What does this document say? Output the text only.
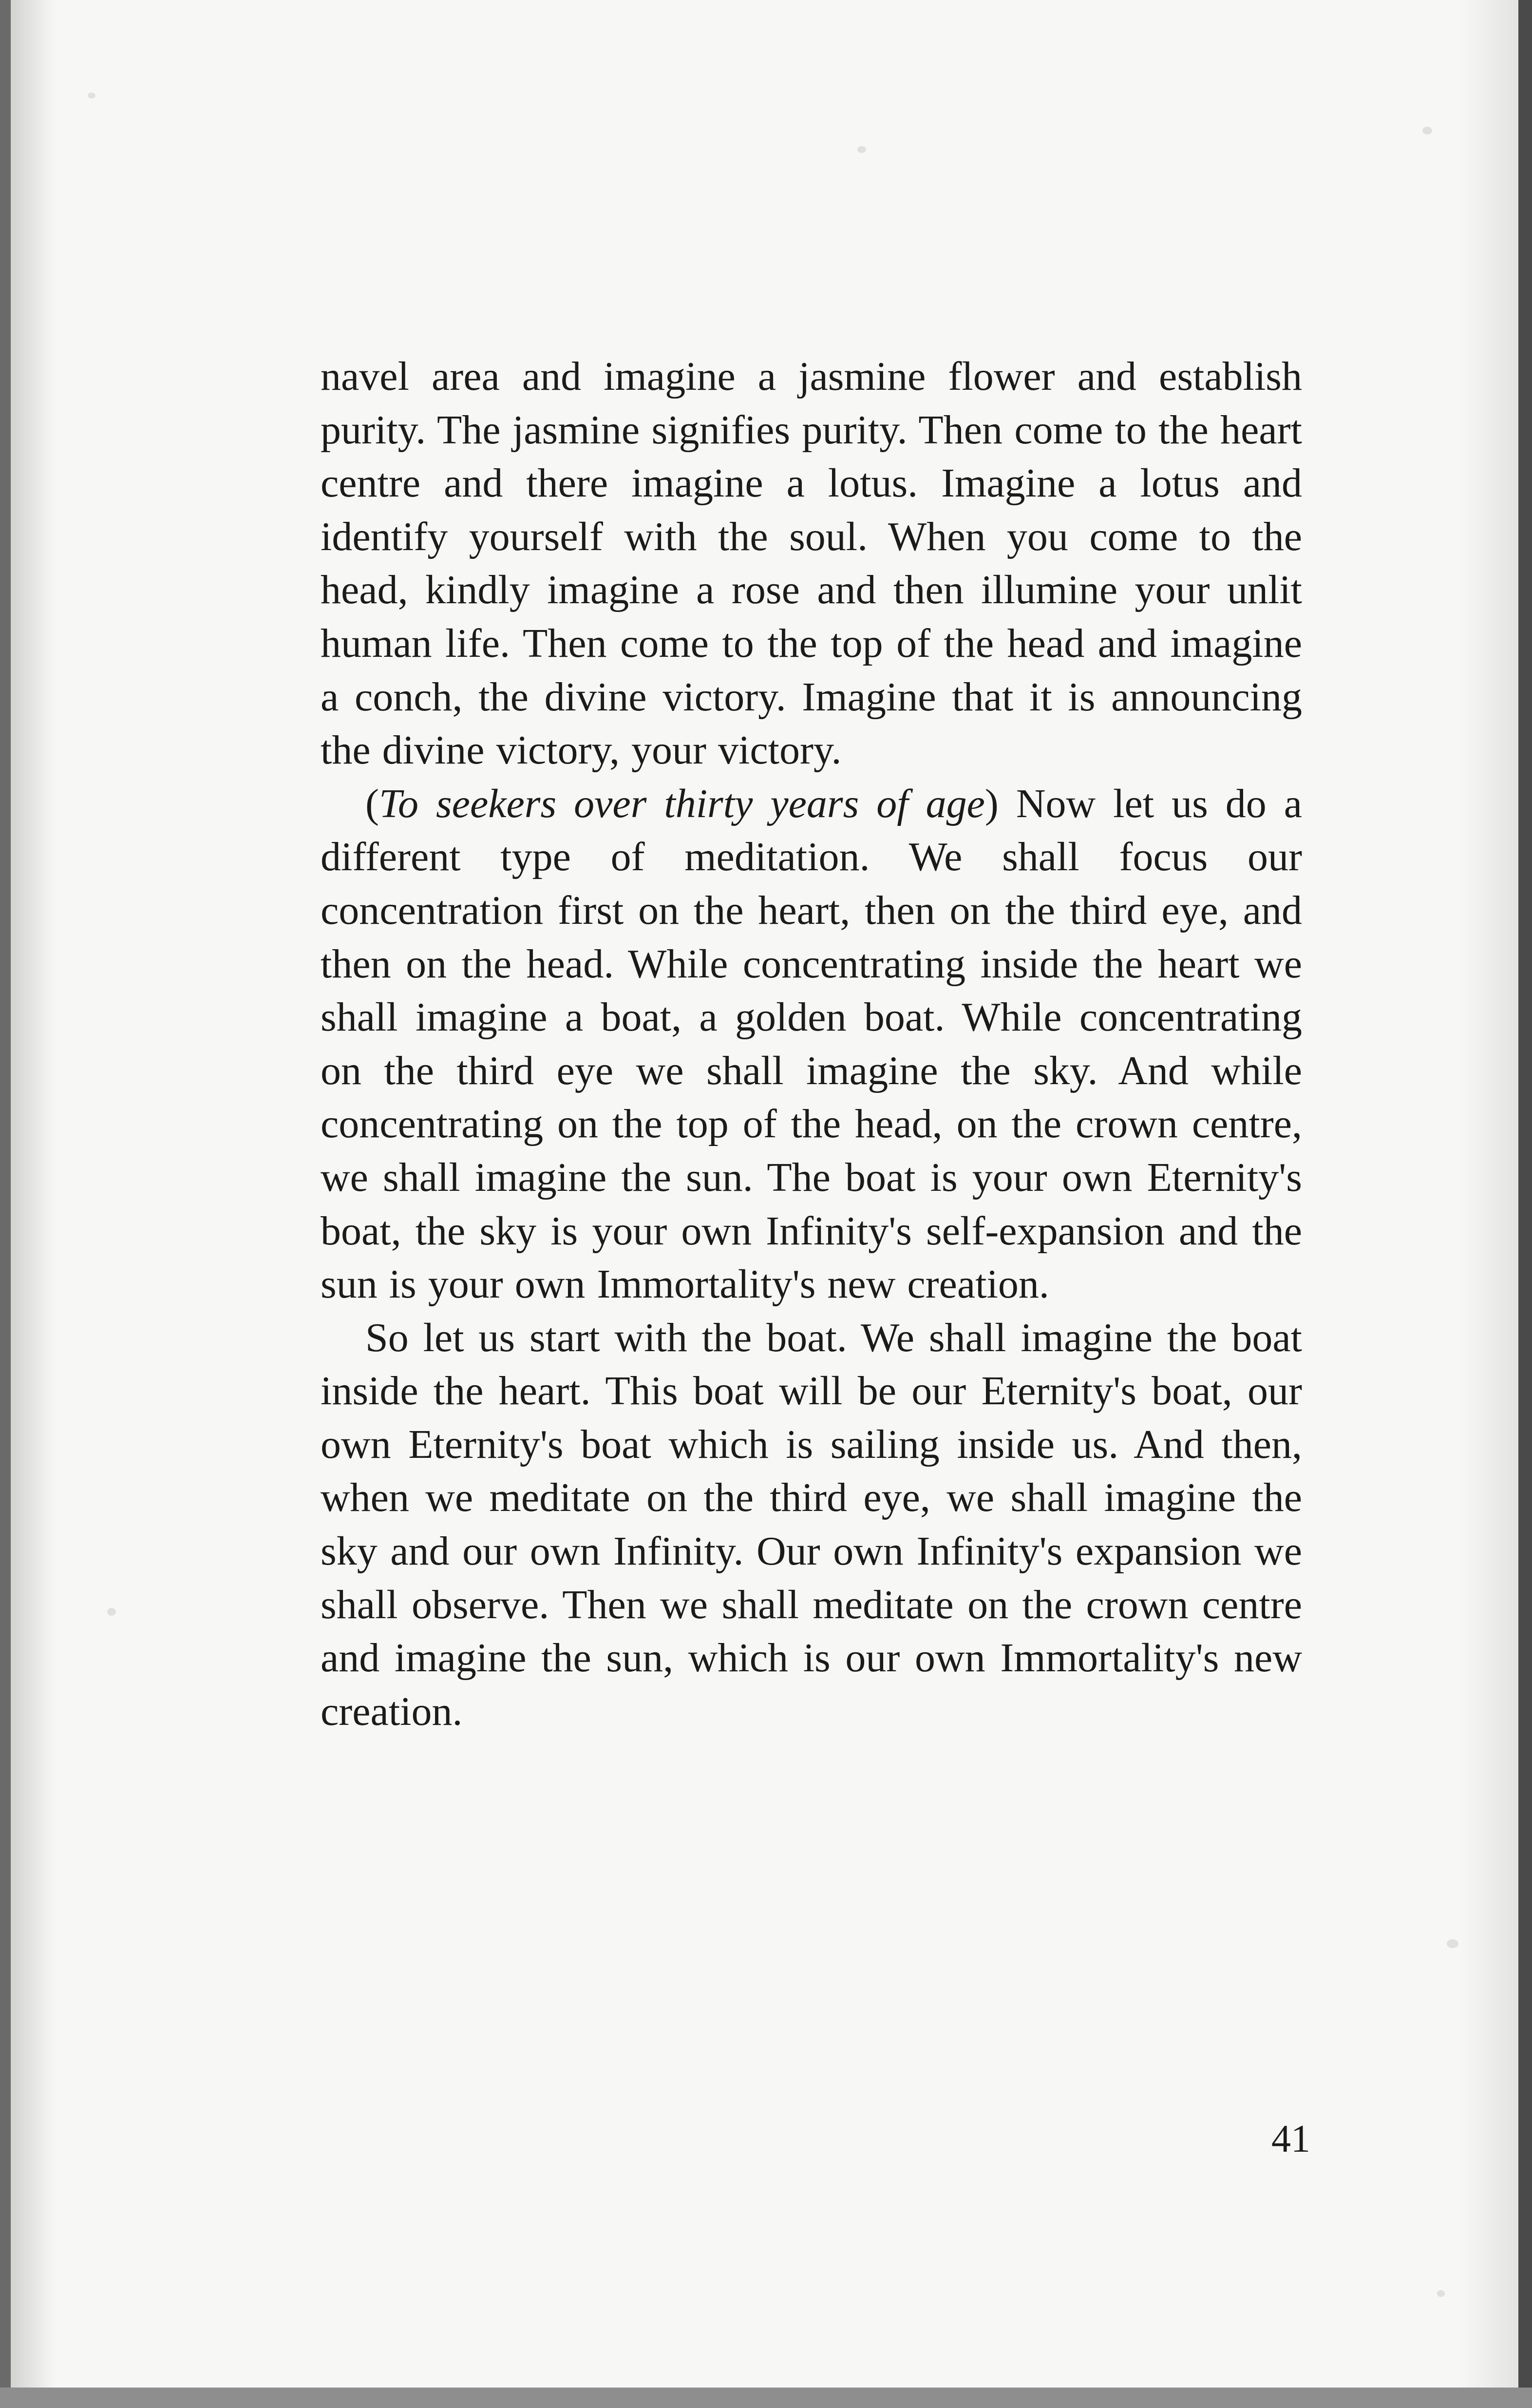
navel area and imagine a jasmine flower and establish purity. The jasmine signifies purity. Then come to the heart centre and there imagine a lotus. Imagine a lotus and identify yourself with the soul. When you come to the head, kindly imagine a rose and then illumine your unlit human life. Then come to the top of the head and imagine a conch, the divine victory. Imagine that it is announcing the divine victory, your victory.

(To seekers over thirty years of age) Now let us do a different type of meditation. We shall focus our concentration first on the heart, then on the third eye, and then on the head. While concentrating inside the heart we shall imagine a boat, a golden boat. While concentrating on the third eye we shall imagine the sky. And while concentrating on the top of the head, on the crown centre, we shall imagine the sun. The boat is your own Eternity's boat, the sky is your own Infinity's self-expansion and the sun is your own Immortality's new creation.

So let us start with the boat. We shall imagine the boat inside the heart. This boat will be our Eternity's boat, our own Eternity's boat which is sailing inside us. And then, when we meditate on the third eye, we shall imagine the sky and our own Infinity. Our own Infinity's expansion we shall observe. Then we shall meditate on the crown centre and imagine the sun, which is our own Immortality's new creation.

41
